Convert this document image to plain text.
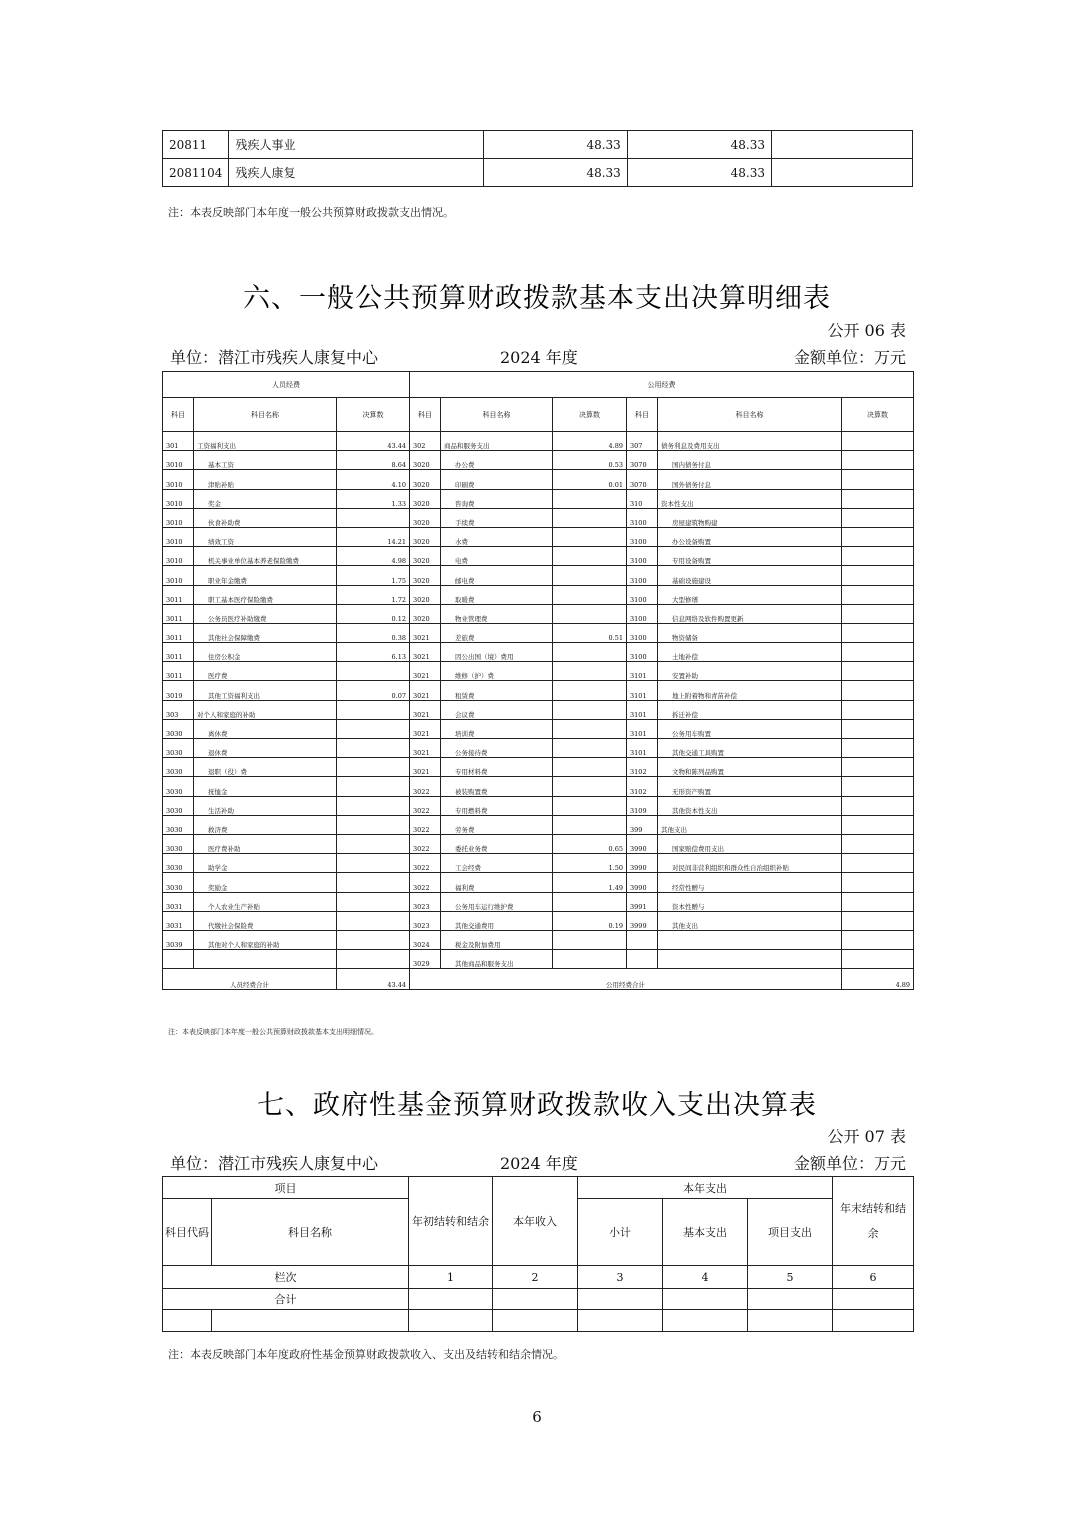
20811	残疾人事业	48.33	48.33	
2081104	残疾人康复	48.33	48.33	
注：本表反映部门本年度一般公共预算财政拨款支出情况。
六、一般公共预算财政拨款基本支出决算明细表
公开 06 表
单位：潜江市残疾人康复中心	2024 年度	金额单位：万元
人员经费			公用经费					
科目	科目名称	决算数	科目	科目名称	决算数	科目	科目名称	决算数
301	工资福利支出	43.44	302	商品和服务支出	4.89	307	债务利息及费用支出	
3010	基本工资	8.64	3020	办公费	0.53	3070	国内债务付息	
3010	津贴补贴	4.10	3020	印刷费	0.01	3070	国外债务付息	
3010	奖金	1.33	3020	咨询费		310	资本性支出	
3010	伙食补助费		3020	手续费		3100	房屋建筑物购建	
3010	绩效工资	14.21	3020	水费		3100	办公设备购置	
3010	机关事业单位基本养老保险缴费	4.98	3020	电费		3100	专用设备购置	
3010	职业年金缴费	1.75	3020	邮电费		3100	基础设施建设	
3011	职工基本医疗保险缴费	1.72	3020	取暖费		3100	大型修缮	
3011	公务员医疗补助缴费	0.12	3020	物业管理费		3100	信息网络及软件购置更新	
3011	其他社会保障缴费	0.38	3021	差旅费	0.51	3100	物资储备	
3011	住房公积金	6.13	3021	因公出国（境）费用		3100	土地补偿	
3011	医疗费		3021	维修（护）费		3101	安置补助	
3019	其他工资福利支出	0.07	3021	租赁费		3101	地上附着物和青苗补偿	
303	对个人和家庭的补助		3021	会议费		3101	拆迁补偿	
3030	离休费		3021	培训费		3101	公务用车购置	
3030	退休费		3021	公务接待费		3101	其他交通工具购置	
3030	退职（役）费		3021	专用材料费		3102	文物和陈列品购置	
3030	抚恤金		3022	被装购置费		3102	无形资产购置	
3030	生活补助		3022	专用燃料费		3109	其他资本性支出	
3030	救济费		3022	劳务费		399	其他支出	
3030	医疗费补助		3022	委托业务费	0.65	3990	国家赔偿费用支出	
3030	助学金		3022	工会经费	1.50	3990	对民间非营利组织和群众性自治组织补贴	
3030	奖励金		3022	福利费	1.49	3990	经常性赠与	
3031	个人农业生产补贴		3023	公务用车运行维护费		3991	资本性赠与	
3031	代缴社会保险费		3023	其他交通费用	0.19	3999	其他支出	
3039	其他对个人和家庭的补助		3024	税金及附加费用				
			3029	其他商品和服务支出				
人员经费合计		43.44	公用经费合计					4.89
注：本表反映部门本年度一般公共预算财政拨款基本支出明细情况。
七、政府性基金预算财政拨款收入支出决算表
公开 07 表
单位：潜江市残疾人康复中心	2024 年度	金额单位：万元
项目		年初结转和结余	本年收入	本年支出			年末结转和结余
科目代码	科目名称			小计	基本支出	项目支出	
栏次		1	2	3	4	5	6
合计							

注：本表反映部门本年度政府性基金预算财政拨款收入、支出及结转和结余情况。
6
